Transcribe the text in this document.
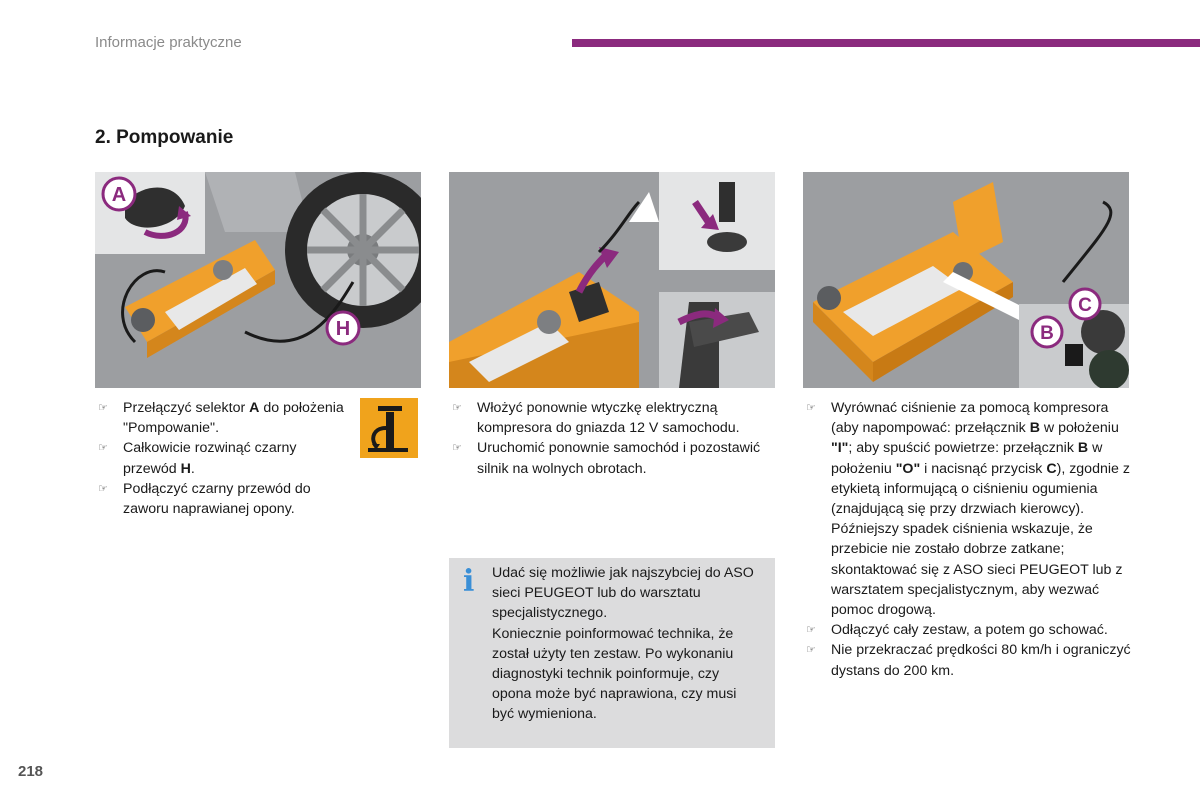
Informacje praktyczne
2. Pompowanie
A
H	B
C
☞ Przełączyć selektor A do położenia "Pompowanie".
☞ Całkowicie rozwinąć czarny przewód H.
☞ Podłączyć czarny przewód do zaworu naprawianej opony.
☞ Włożyć ponownie wtyczkę elektryczną kompresora do gniazda 12 V samochodu.
☞ Uruchomić ponownie samochód i pozostawić silnik na wolnych obrotach.
i Udać się możliwie jak najszybciej do ASO sieci PEUGEOT lub do warsztatu specjalistycznego.

Koniecznie poinformować technika, że został użyty ten zestaw. Po wykonaniu diagnostyki technik poinformuje, czy opona może być naprawiona, czy musi być wymieniona.

☞ Wyrównać ciśnienie za pomocą kompresora (aby napompować: przełącznik B w położeniu "I"; aby spuścić powietrze: przełącznik B w położeniu "O" i nacisnąć przycisk C), zgodnie z etykietą informującą o ciśnieniu ogumienia (znajdującą się przy drzwiach kierowcy).

Późniejszy spadek ciśnienia wskazuje, że przebicie nie zostało dobrze zatkane; skontaktować się z ASO sieci PEUGEOT lub z warsztatem specjalistycznym, aby wezwać pomoc drogową.

☞ Odłączyć cały zestaw, a potem go schować.
☞ Nie przekraczać prędkości 80 km/h i ograniczyć dystans do 200 km.
218
